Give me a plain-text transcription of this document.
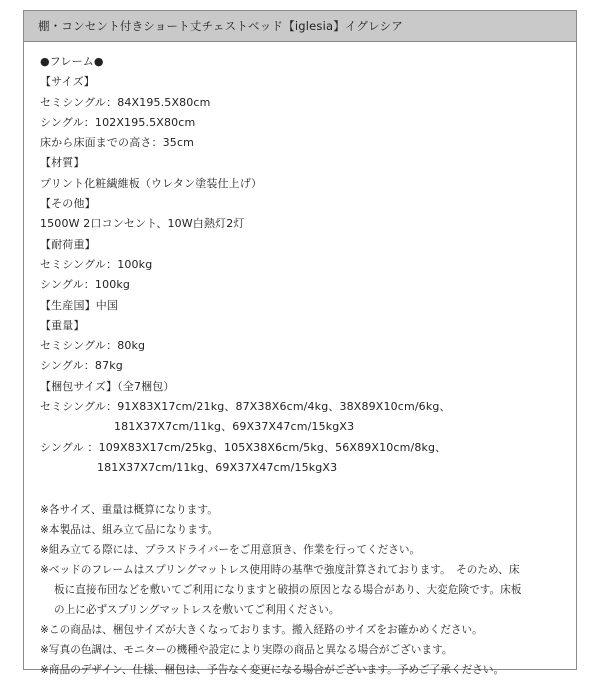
棚・コンセント付きショート丈チェストベッド【iglesia】イグレシア
●フレーム●
【サイズ】
セミシングル：84X195.5X80cm
シングル：102X195.5X80cm
床から床面までの高さ：35cm
【材質】
プリント化粧繊維板（ウレタン塗装仕上げ）
【その他】
1500W 2口コンセント、10W白熱灯2灯
【耐荷重】
セミシングル：100kg
シングル：100kg
【生産国】中国
【重量】
セミシングル：80kg
シングル：87kg
【梱包サイズ】（全7梱包）
セミシングル：91X83X17cm/21kg、87X38X6cm/4kg、38X89X10cm/6kg、
181X37X7cm/11kg、69X37X47cm/15kgX3
シングル ：109X83X17cm/25kg、105X38X6cm/5kg、56X89X10cm/8kg、
181X37X7cm/11kg、69X37X47cm/15kgX3
※各サイズ、重量は概算になります。
※本製品は、組み立て品になります。
※組み立てる際には、プラスドライバーをご用意頂き、作業を行ってください。
※ベッドのフレームはスプリングマットレス使用時の基準で強度計算されております。　そのため、床
板に直接布団などを敷いてご利用になりますと破損の原因となる場合があり、大変危険です。床板
の上に必ずスプリングマットレスを敷いてご利用ください。
※この商品は、梱包サイズが大きくなっております。搬入経路のサイズをお確かめください。
※写真の色調は、モニターの機種や設定により実際の商品と異なる場合がございます。
※商品のデザイン、仕様、梱包は、予告なく変更になる場合がございます。予めご了承ください。
